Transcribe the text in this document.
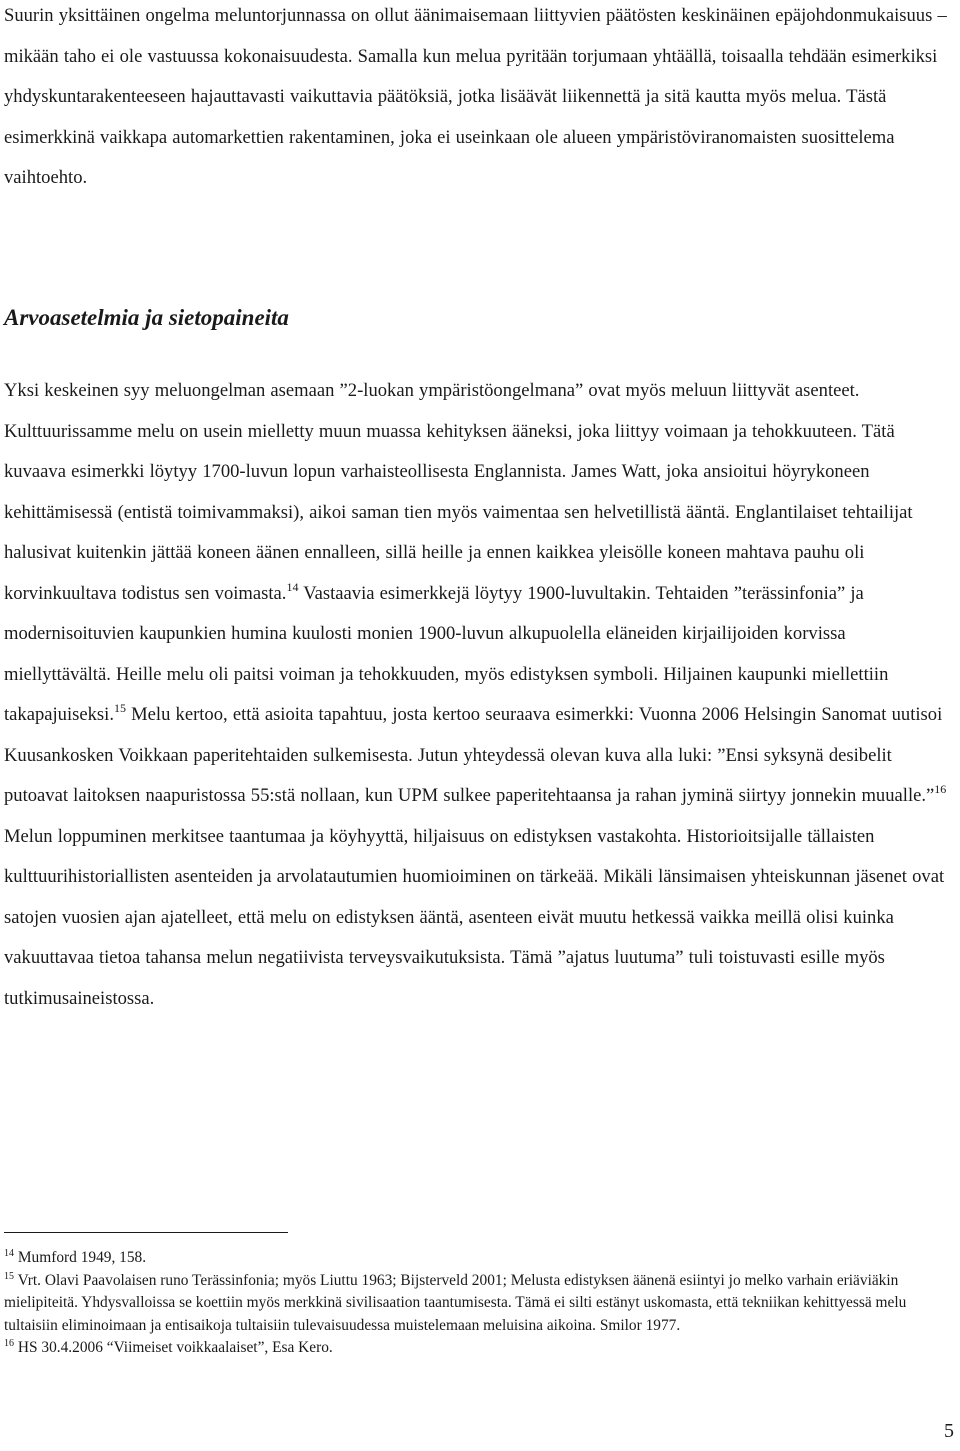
Suurin yksittäinen ongelma meluntorjunnassa on ollut äänimaisemaan liittyvien päätösten keskinäinen epäjohdonmukaisuus – mikään taho ei ole vastuussa kokonaisuudesta. Samalla kun melua pyritään torjumaan yhtäällä, toisaalla tehdään esimerkiksi yhdyskuntarakenteeseen hajauttavasti vaikuttavia päätöksiä, jotka lisäävät liikennettä ja sitä kautta myös melua. Tästä esimerkkinä vaikkapa automarkettien rakentaminen, joka ei useinkaan ole alueen ympäristöviranomaisten suosittelema vaihtoehto.

Arvoasetelmia ja sietopaineita

Yksi keskeinen syy meluongelman asemaan ”2-luokan ympäristöongelmana” ovat myös meluun liittyvät asenteet. Kulttuurissamme melu on usein mielletty muun muassa kehityksen ääneksi, joka liittyy voimaan ja tehokkuuteen. Tätä kuvaava esimerkki löytyy 1700-luvun lopun varhaisteollisesta Englannista. James Watt, joka ansioitui höyrykoneen kehittämisessä (entistä toimivammaksi), aikoi saman tien myös vaimentaa sen helvetillistä ääntä. Englantilaiset tehtailijat halusivat kuitenkin jättää koneen äänen ennalleen, sillä heille ja ennen kaikkea yleisölle koneen mahtava pauhu oli korvinkuultava todistus sen voimasta.$^{14}$ Vastaavia esimerkkejä löytyy 1900-luvultakin. Tehtaiden ”terässinfonia” ja modernisoituvien kaupunkien humina kuulosti monien 1900-luvun alkupuolella eläneiden kirjailijoiden korvissa miellyttävältä. Heille melu oli paitsi voiman ja tehokkuuden, myös edistyksen symboli. Hiljainen kaupunki miellettiin takapajuiseksi.$^{15}$ Melu kertoo, että asioita tapahtuu, josta kertoo seuraava esimerkki: Vuonna 2006 Helsingin Sanomat uutisoi Kuusankosken Voikkaan paperitehtaiden sulkemisesta. Jutun yhteydessä olevan kuva alla luki: ”Ensi syksynä desibelit putoavat laitoksen naapuristossa 55:stä nollaan, kun UPM sulkee paperitehtaansa ja rahan jyminä siirtyy jonnekin muualle.”$^{16}$ Melun loppuminen merkitsee taantumaa ja köyhyyttä, hiljaisuus on edistyksen vastakohta. Historioitsijalle tällaisten kulttuurihistoriallisten asenteiden ja arvolatautumien huomioiminen on tärkeää. Mikäli länsimaisen yhteiskunnan jäsenet ovat satojen vuosien ajan ajatelleet, että melu on edistyksen ääntä, asenteen eivät muutu hetkessä vaikka meillä olisi kuinka vakuuttavaa tietoa tahansa melun negatiivista terveysvaikutuksista. Tämä ”ajatus luutuma” tuli toistuvasti esille myös tutkimusaineistossa.

$^{14}$ Mumford 1949, 158.

$^{15}$ Vrt. Olavi Paavolaisen runo Terässinfonia; myös Liuttu 1963; Bijsterveld 2001; Melusta edistyksen äänenä esiintyi jo melko varhain eriäviäkin mielipiteitä. Yhdysvalloissa se koettiin myös merkkinä sivilisaation taantumisesta. Tämä ei silti estänyt uskomasta, että tekniikan kehittyessä melu tultaisiin eliminoimaan ja entisaikoja tultaisiin tulevaisuudessa muistelemaan meluisina aikoina. Smilor 1977.

$^{16}$ HS 30.4.2006 “Viimeiset voikkaalaiset”, Esa Kero.

5
